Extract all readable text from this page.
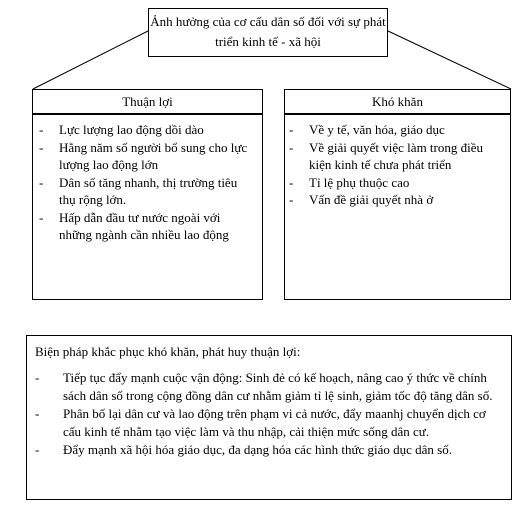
Ảnh hưởng của cơ cấu dân số đối với sự phát triển kinh tế - xã hội
Thuận lợi
- Lực lượng lao động dồi dào
- Hằng năm số người bổ sung cho lực lượng lao động lớn
- Dân số tăng nhanh, thị trường tiêu thụ rộng lớn.
- Hấp dẫn đầu tư nước ngoài với những ngành cần nhiều lao động
Khó khăn
- Về y tế, văn hóa, giáo dục
- Về giải quyết việc làm trong điều kiện kinh tế chưa phát triển
- Tỉ lệ phụ thuộc cao
- Vấn đề giải quyết nhà ở
Biện pháp khắc phục khó khăn, phát huy thuận lợi:
- Tiếp tục đẩy mạnh cuộc vận động: Sinh đẻ có kế hoạch, nâng cao ý thức về chính sách dân số trong cộng đồng dân cư nhằm giảm tỉ lệ sinh, giảm tốc độ tăng dân số.
- Phân bố lại dân cư và lao động trên phạm vi cả nước, đẩy maanhj chuyển dịch cơ cấu kinh tế nhằm tạo việc làm và thu nhập, cải thiện mức sống dân cư.
- Đẩy mạnh xã hội hóa giáo dục, đa dạng hóa các hình thức giáo dục dân số.
